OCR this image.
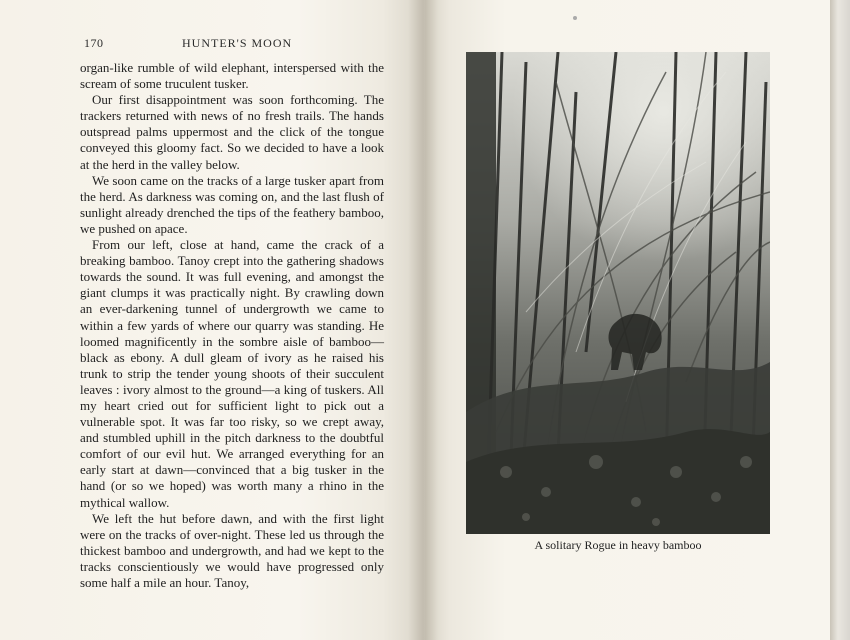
170	HUNTER'S MOON

organ-like rumble of wild elephant, interspersed with the scream of some truculent tusker.

Our first disappointment was soon forthcoming. The trackers returned with news of no fresh trails. The hands outspread palms uppermost and the click of the tongue conveyed this gloomy fact. So we decided to have a look at the herd in the valley below.

We soon came on the tracks of a large tusker apart from the herd. As darkness was coming on, and the last flush of sunlight already drenched the tips of the feathery bamboo, we pushed on apace.

From our left, close at hand, came the crack of a breaking bamboo. Tanoy crept into the gathering shadows towards the sound. It was full evening, and amongst the giant clumps it was practically night. By crawling down an ever-darkening tunnel of undergrowth we came to within a few yards of where our quarry was standing. He loomed magnificently in the sombre aisle of bamboo—black as ebony. A dull gleam of ivory as he raised his trunk to strip the tender young shoots of their succulent leaves : ivory almost to the ground—a king of tuskers. All my heart cried out for sufficient light to pick out a vulnerable spot. It was far too risky, so we crept away, and stumbled uphill in the pitch darkness to the doubtful comfort of our evil hut. We arranged everything for an early start at dawn—convinced that a big tusker in the hand (or so we hoped) was worth many a rhino in the mythical wallow.

We left the hut before dawn, and with the first light were on the tracks of over-night. These led us through the thickest bamboo and undergrowth, and had we kept to the tracks conscientiously we would have progressed only some half a mile an hour. Tanoy,

A solitary Rogue in heavy bamboo
